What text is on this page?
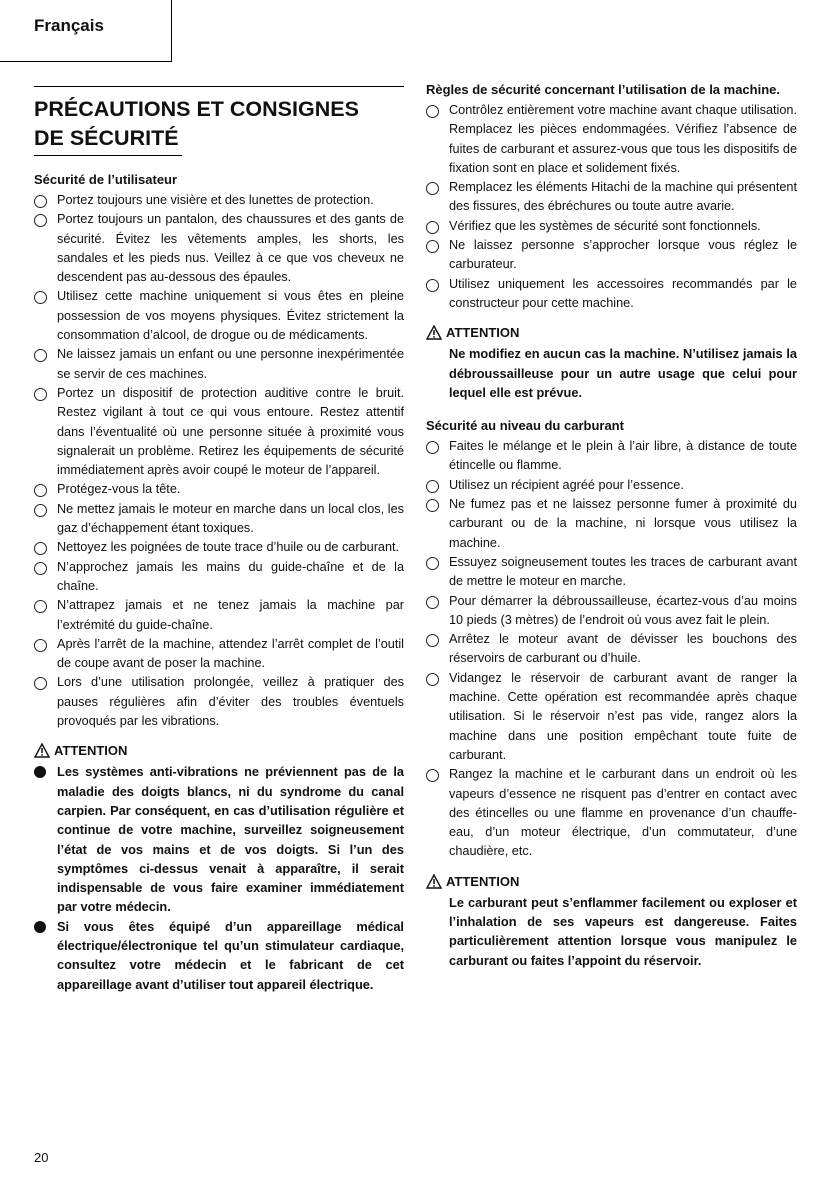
Français
PRÉCAUTIONS ET CONSIGNES
DE SÉCURITÉ
Sécurité de l’utilisateur
Portez toujours une visière et des lunettes de protection.
Portez toujours un pantalon, des chaussures et des gants de sécurité. Évitez les vêtements amples, les shorts, les sandales et les pieds nus. Veillez à ce que vos cheveux ne descendent pas au-dessous des épaules.
Utilisez cette machine uniquement si vous êtes en pleine possession de vos moyens physiques. Évitez strictement la consommation d’alcool, de drogue ou de médicaments.
Ne laissez jamais un enfant ou une personne inexpérimentée se servir de ces machines.
Portez un dispositif de protection auditive contre le bruit. Restez vigilant à tout ce qui vous entoure. Restez attentif dans l’éventualité où une personne située à proximité vous signalerait un problème. Retirez les équipements de sécurité immédiatement après avoir coupé le moteur de l’appareil.
Protégez-vous la tête.
Ne mettez jamais le moteur en marche dans un local clos, les gaz d’échappement étant toxiques.
Nettoyez les poignées de toute trace d’huile ou de carburant.
N’approchez jamais les mains du guide-chaîne et de la chaîne.
N’attrapez jamais et ne tenez jamais la machine par l’extrémité du guide-chaîne.
Après l’arrêt de la machine, attendez l’arrêt complet de l’outil de coupe avant de poser la machine.
Lors d’une utilisation prolongée, veillez à pratiquer des pauses régulières afin d’éviter des troubles éventuels provoqués par les vibrations.
ATTENTION
Les systèmes anti-vibrations ne préviennent pas de la maladie des doigts blancs, ni du syndrome du canal carpien. Par conséquent, en cas d’utilisation régulière et continue de votre machine, surveillez soigneusement l’état de vos mains et de vos doigts. Si l’un des symptômes ci-dessus venait à apparaître, il serait indispensable de vous faire examiner immédiatement par votre médecin.
Si vous êtes équipé d’un appareillage médical électrique/électronique tel qu’un stimulateur cardiaque, consultez votre médecin et le fabricant de cet appareillage avant d’utiliser tout appareil électrique.
Règles de sécurité concernant l’utilisation de la machine.
Contrôlez entièrement votre machine avant chaque utilisation. Remplacez les pièces endommagées. Vérifiez l’absence de fuites de carburant et assurez-vous que tous les dispositifs de fixation sont en place et solidement fixés.
Remplacez les éléments Hitachi de la machine qui présentent des fissures, des ébréchures ou toute autre avarie.
Vérifiez que les systèmes de sécurité sont fonctionnels.
Ne laissez personne s’approcher lorsque vous réglez le carburateur.
Utilisez uniquement les accessoires recommandés par le constructeur pour cette machine.
ATTENTION

Ne modifiez en aucun cas la machine. N’utilisez jamais la débroussailleuse pour un autre usage que celui pour lequel elle est prévue.

Sécurité au niveau du carburant
Faites le mélange et le plein à l’air libre, à distance de toute étincelle ou flamme.
Utilisez un récipient agréé pour l’essence.
Ne fumez pas et ne laissez personne fumer à proximité du carburant ou de la machine, ni lorsque vous utilisez la machine.
Essuyez soigneusement toutes les traces de carburant avant de mettre le moteur en marche.
Pour démarrer la débroussailleuse, écartez-vous d’au moins 10 pieds (3 mètres) de l’endroit où vous avez fait le plein.
Arrêtez le moteur avant de dévisser les bouchons des réservoirs de carburant ou d’huile.
Vidangez le réservoir de carburant avant de ranger la machine. Cette opération est recommandée après chaque utilisation. Si le réservoir n’est pas vide, rangez alors la machine dans une position empêchant toute fuite de carburant.
Rangez la machine et le carburant dans un endroit où les vapeurs d’essence ne risquent pas d’entrer en contact avec des étincelles ou une flamme en provenance d’un chauffe-eau, d’un moteur électrique, d’un commutateur, d’une chaudière, etc.
ATTENTION

Le carburant peut s’enflammer facilement ou exploser et l’inhalation de ses vapeurs est dangereuse. Faites particulièrement attention lorsque vous manipulez le carburant ou faites l’appoint du réservoir.

20
